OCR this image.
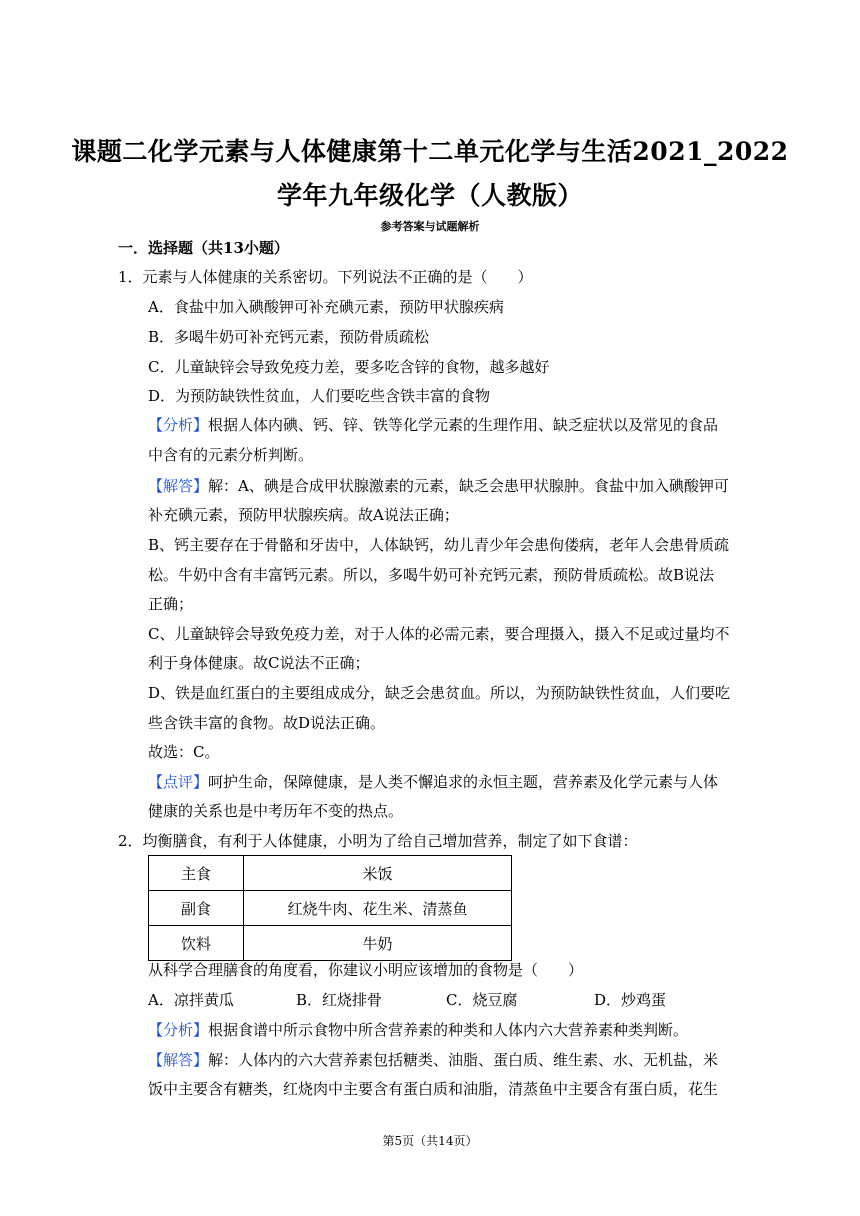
课题二化学元素与人体健康第十二单元化学与生活2021_2022
学年九年级化学（人教版）
参考答案与试题解析
一．选择题（共13小题）
1．元素与人体健康的关系密切。下列说法不正确的是（　　）
A．食盐中加入碘酸钾可补充碘元素，预防甲状腺疾病
B．多喝牛奶可补充钙元素，预防骨质疏松
C．儿童缺锌会导致免疫力差，要多吃含锌的食物，越多越好
D．为预防缺铁性贫血，人们要吃些含铁丰富的食物
【分析】根据人体内碘、钙、锌、铁等化学元素的生理作用、缺乏症状以及常见的食品
中含有的元素分析判断。
【解答】解：A、碘是合成甲状腺激素的元素，缺乏会患甲状腺肿。食盐中加入碘酸钾可
补充碘元素，预防甲状腺疾病。故A说法正确；
B、钙主要存在于骨骼和牙齿中，人体缺钙，幼儿青少年会患佝偻病，老年人会患骨质疏
松。牛奶中含有丰富钙元素。所以，多喝牛奶可补充钙元素，预防骨质疏松。故B说法
正确；
C、儿童缺锌会导致免疫力差，对于人体的必需元素，要合理摄入，摄入不足或过量均不
利于身体健康。故C说法不正确；
D、铁是血红蛋白的主要组成成分，缺乏会患贫血。所以，为预防缺铁性贫血，人们要吃
些含铁丰富的食物。故D说法正确。
故选：C。
【点评】呵护生命，保障健康，是人类不懈追求的永恒主题，营养素及化学元素与人体
健康的关系也是中考历年不变的热点。
2．均衡膳食，有利于人体健康，小明为了给自己增加营养，制定了如下食谱：
主食	米饭
副食	红烧牛肉、花生米、清蒸鱼
饮料	牛奶
从科学合理膳食的角度看，你建议小明应该增加的食物是（　　）
A．凉拌黄瓜	B．红烧排骨	C．烧豆腐	D．炒鸡蛋
【分析】根据食谱中所示食物中所含营养素的种类和人体内六大营养素种类判断。
【解答】解：人体内的六大营养素包括糖类、油脂、蛋白质、维生素、水、无机盐，米
饭中主要含有糖类，红烧肉中主要含有蛋白质和油脂，清蒸鱼中主要含有蛋白质，花生
第5页（共14页）
